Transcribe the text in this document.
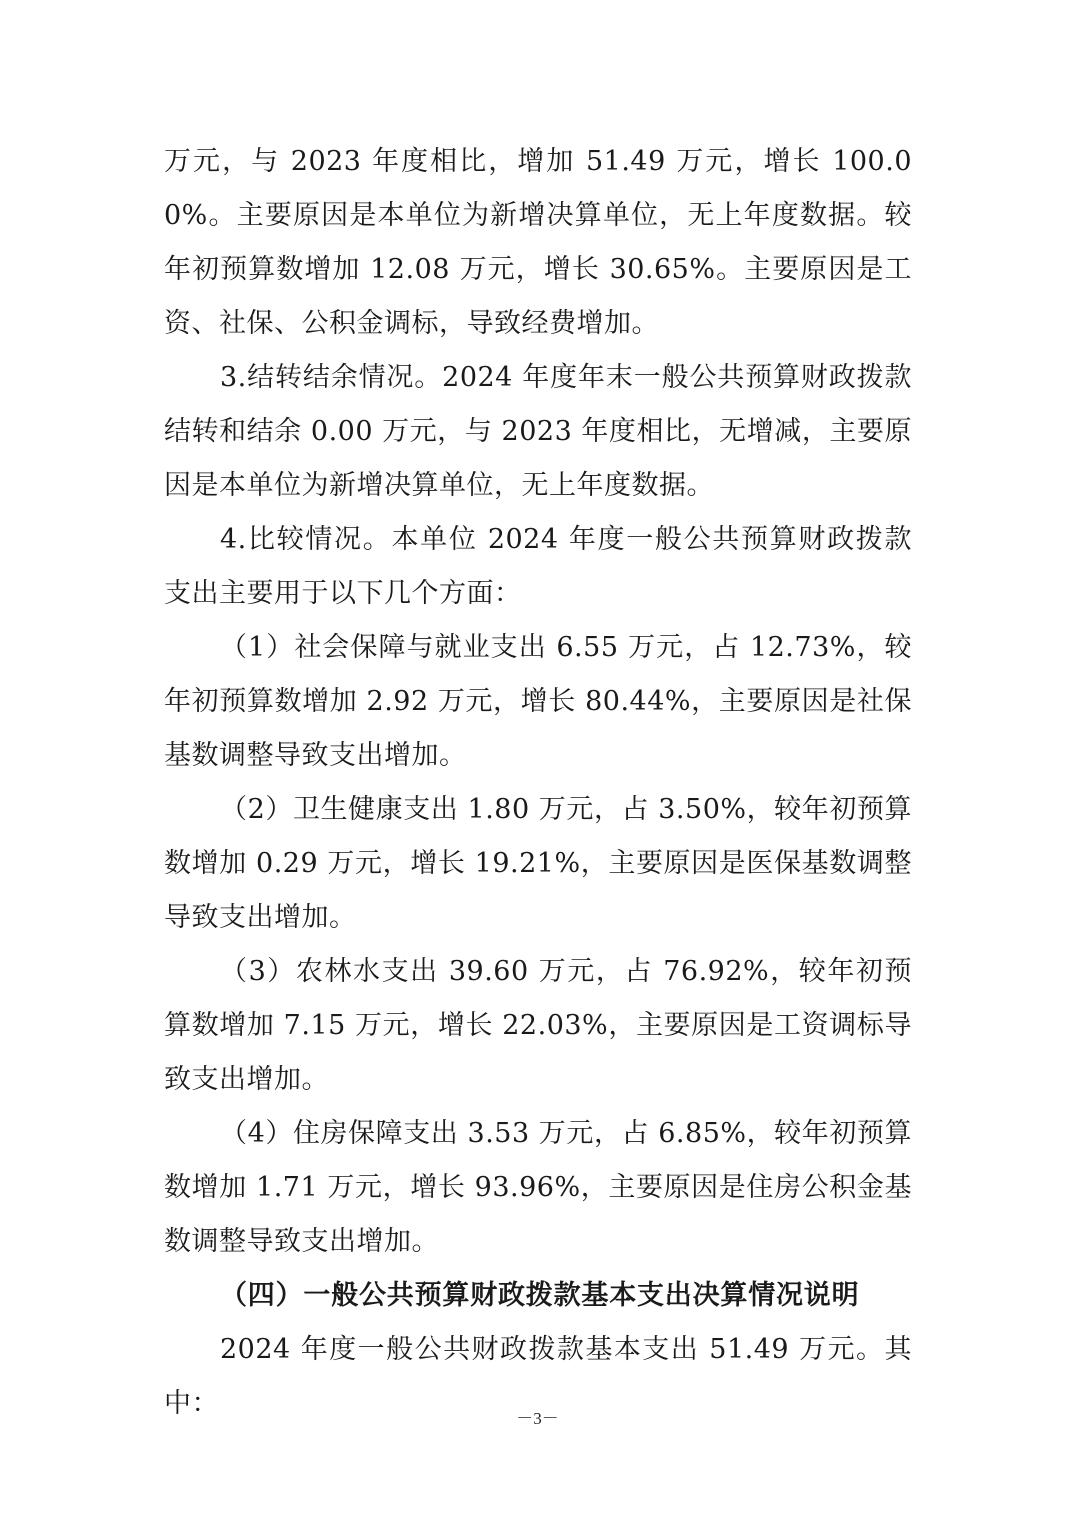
万元，与 2023 年度相比，增加 51.49 万元，增长 100.00%。主要原因是本单位为新增决算单位，无上年度数据。较年初预算数增加 12.08 万元，增长 30.65%。主要原因是工资、社保、公积金调标，导致经费增加。

3.结转结余情况。2024 年度年末一般公共预算财政拨款结转和结余 0.00 万元，与 2023 年度相比，无增减，主要原因是本单位为新增决算单位，无上年度数据。

4.比较情况。本单位 2024 年度一般公共预算财政拨款支出主要用于以下几个方面：

（1）社会保障与就业支出 6.55 万元，占 12.73%，较年初预算数增加 2.92 万元，增长 80.44%，主要原因是社保基数调整导致支出增加。

（2）卫生健康支出 1.80 万元，占 3.50%，较年初预算数增加 0.29 万元，增长 19.21%，主要原因是医保基数调整导致支出增加。

（3）农林水支出 39.60 万元，占 76.92%，较年初预算数增加 7.15 万元，增长 22.03%，主要原因是工资调标导致支出增加。

（4）住房保障支出 3.53 万元，占 6.85%，较年初预算数增加 1.71 万元，增长 93.96%，主要原因是住房公积金基数调整导致支出增加。

（四）一般公共预算财政拨款基本支出决算情况说明

2024 年度一般公共财政拨款基本支出 51.49 万元。其中：	－3－
